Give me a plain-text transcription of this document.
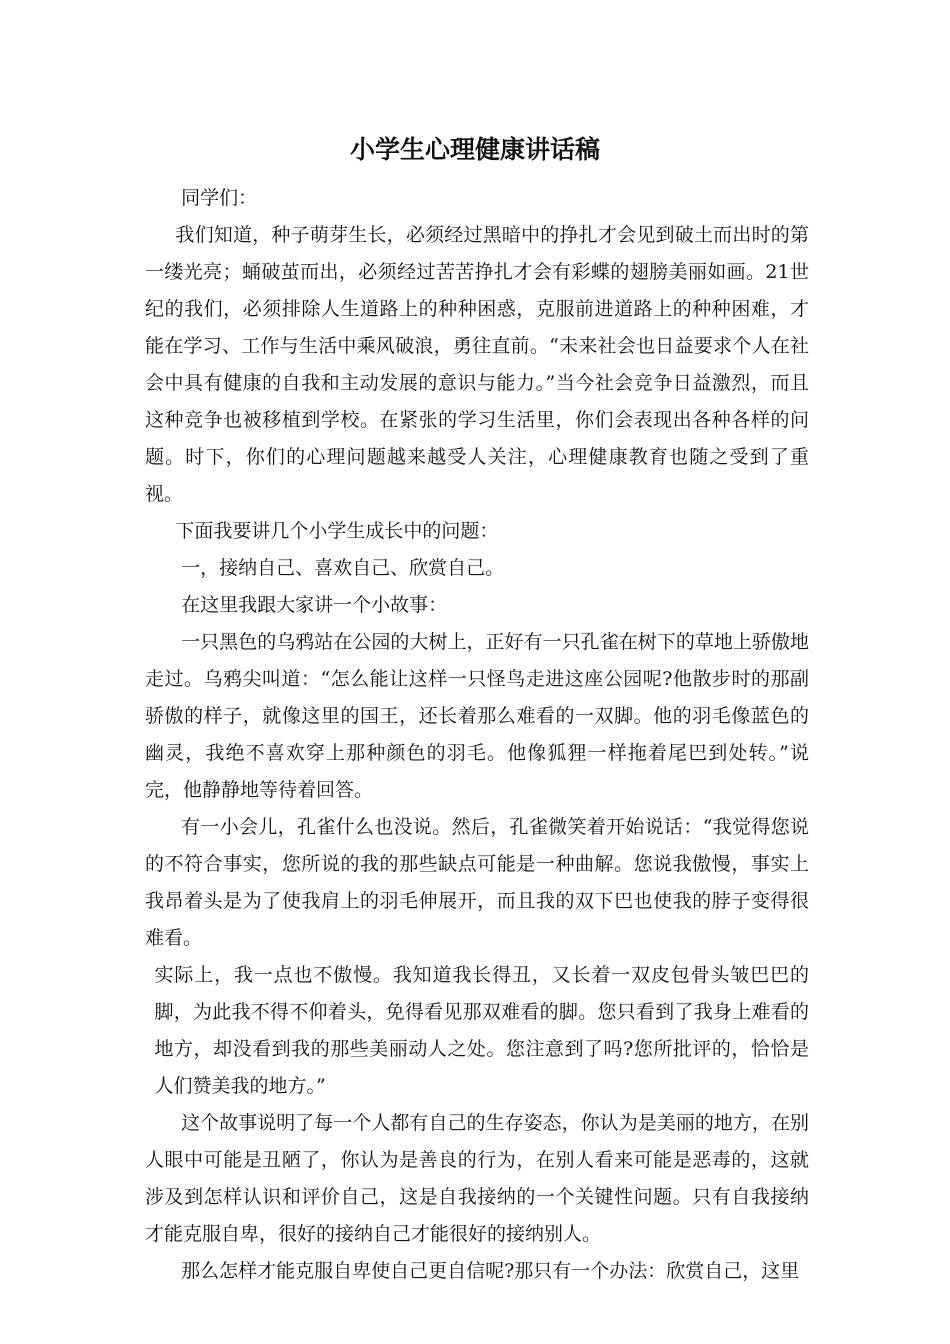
小学生心理健康讲话稿

同学们：

我们知道，种子萌芽生长，必须经过黑暗中的挣扎才会见到破土而出时的第一缕光亮；蛹破茧而出，必须经过苦苦挣扎才会有彩蝶的翅膀美丽如画。21世纪的我们，必须排除人生道路上的种种困惑，克服前进道路上的种种困难，才能在学习、工作与生活中乘风破浪，勇往直前。“未来社会也日益要求个人在社会中具有健康的自我和主动发展的意识与能力。”当今社会竞争日益激烈，而且这种竞争也被移植到学校。在紧张的学习生活里，你们会表现出各种各样的问题。时下，你们的心理问题越来越受人关注，心理健康教育也随之受到了重视。

下面我要讲几个小学生成长中的问题：

一，接纳自己、喜欢自己、欣赏自己。

在这里我跟大家讲一个小故事：

一只黑色的乌鸦站在公园的大树上，正好有一只孔雀在树下的草地上骄傲地走过。乌鸦尖叫道：“怎么能让这样一只怪鸟走进这座公园呢?他散步时的那副骄傲的样子，就像这里的国王，还长着那么难看的一双脚。他的羽毛像蓝色的幽灵，我绝不喜欢穿上那种颜色的羽毛。他像狐狸一样拖着尾巴到处转。”说完，他静静地等待着回答。

有一小会儿，孔雀什么也没说。然后，孔雀微笑着开始说话：“我觉得您说的不符合事实，您所说的我的那些缺点可能是一种曲解。您说我傲慢，事实上我昂着头是为了使我肩上的羽毛伸展开，而且我的双下巴也使我的脖子变得很难看。

实际上，我一点也不傲慢。我知道我长得丑，又长着一双皮包骨头皱巴巴的脚，为此我不得不仰着头，免得看见那双难看的脚。您只看到了我身上难看的地方，却没看到我的那些美丽动人之处。您注意到了吗?您所批评的，恰恰是人们赞美我的地方。”

这个故事说明了每一个人都有自己的生存姿态，你认为是美丽的地方，在别人眼中可能是丑陋了，你认为是善良的行为，在别人看来可能是恶毒的，这就涉及到怎样认识和评价自己，这是自我接纳的一个关键性问题。只有自我接纳才能克服自卑，很好的接纳自己才能很好的接纳别人。

那么怎样才能克服自卑使自己更自信呢?那只有一个办法：欣赏自己，这里
